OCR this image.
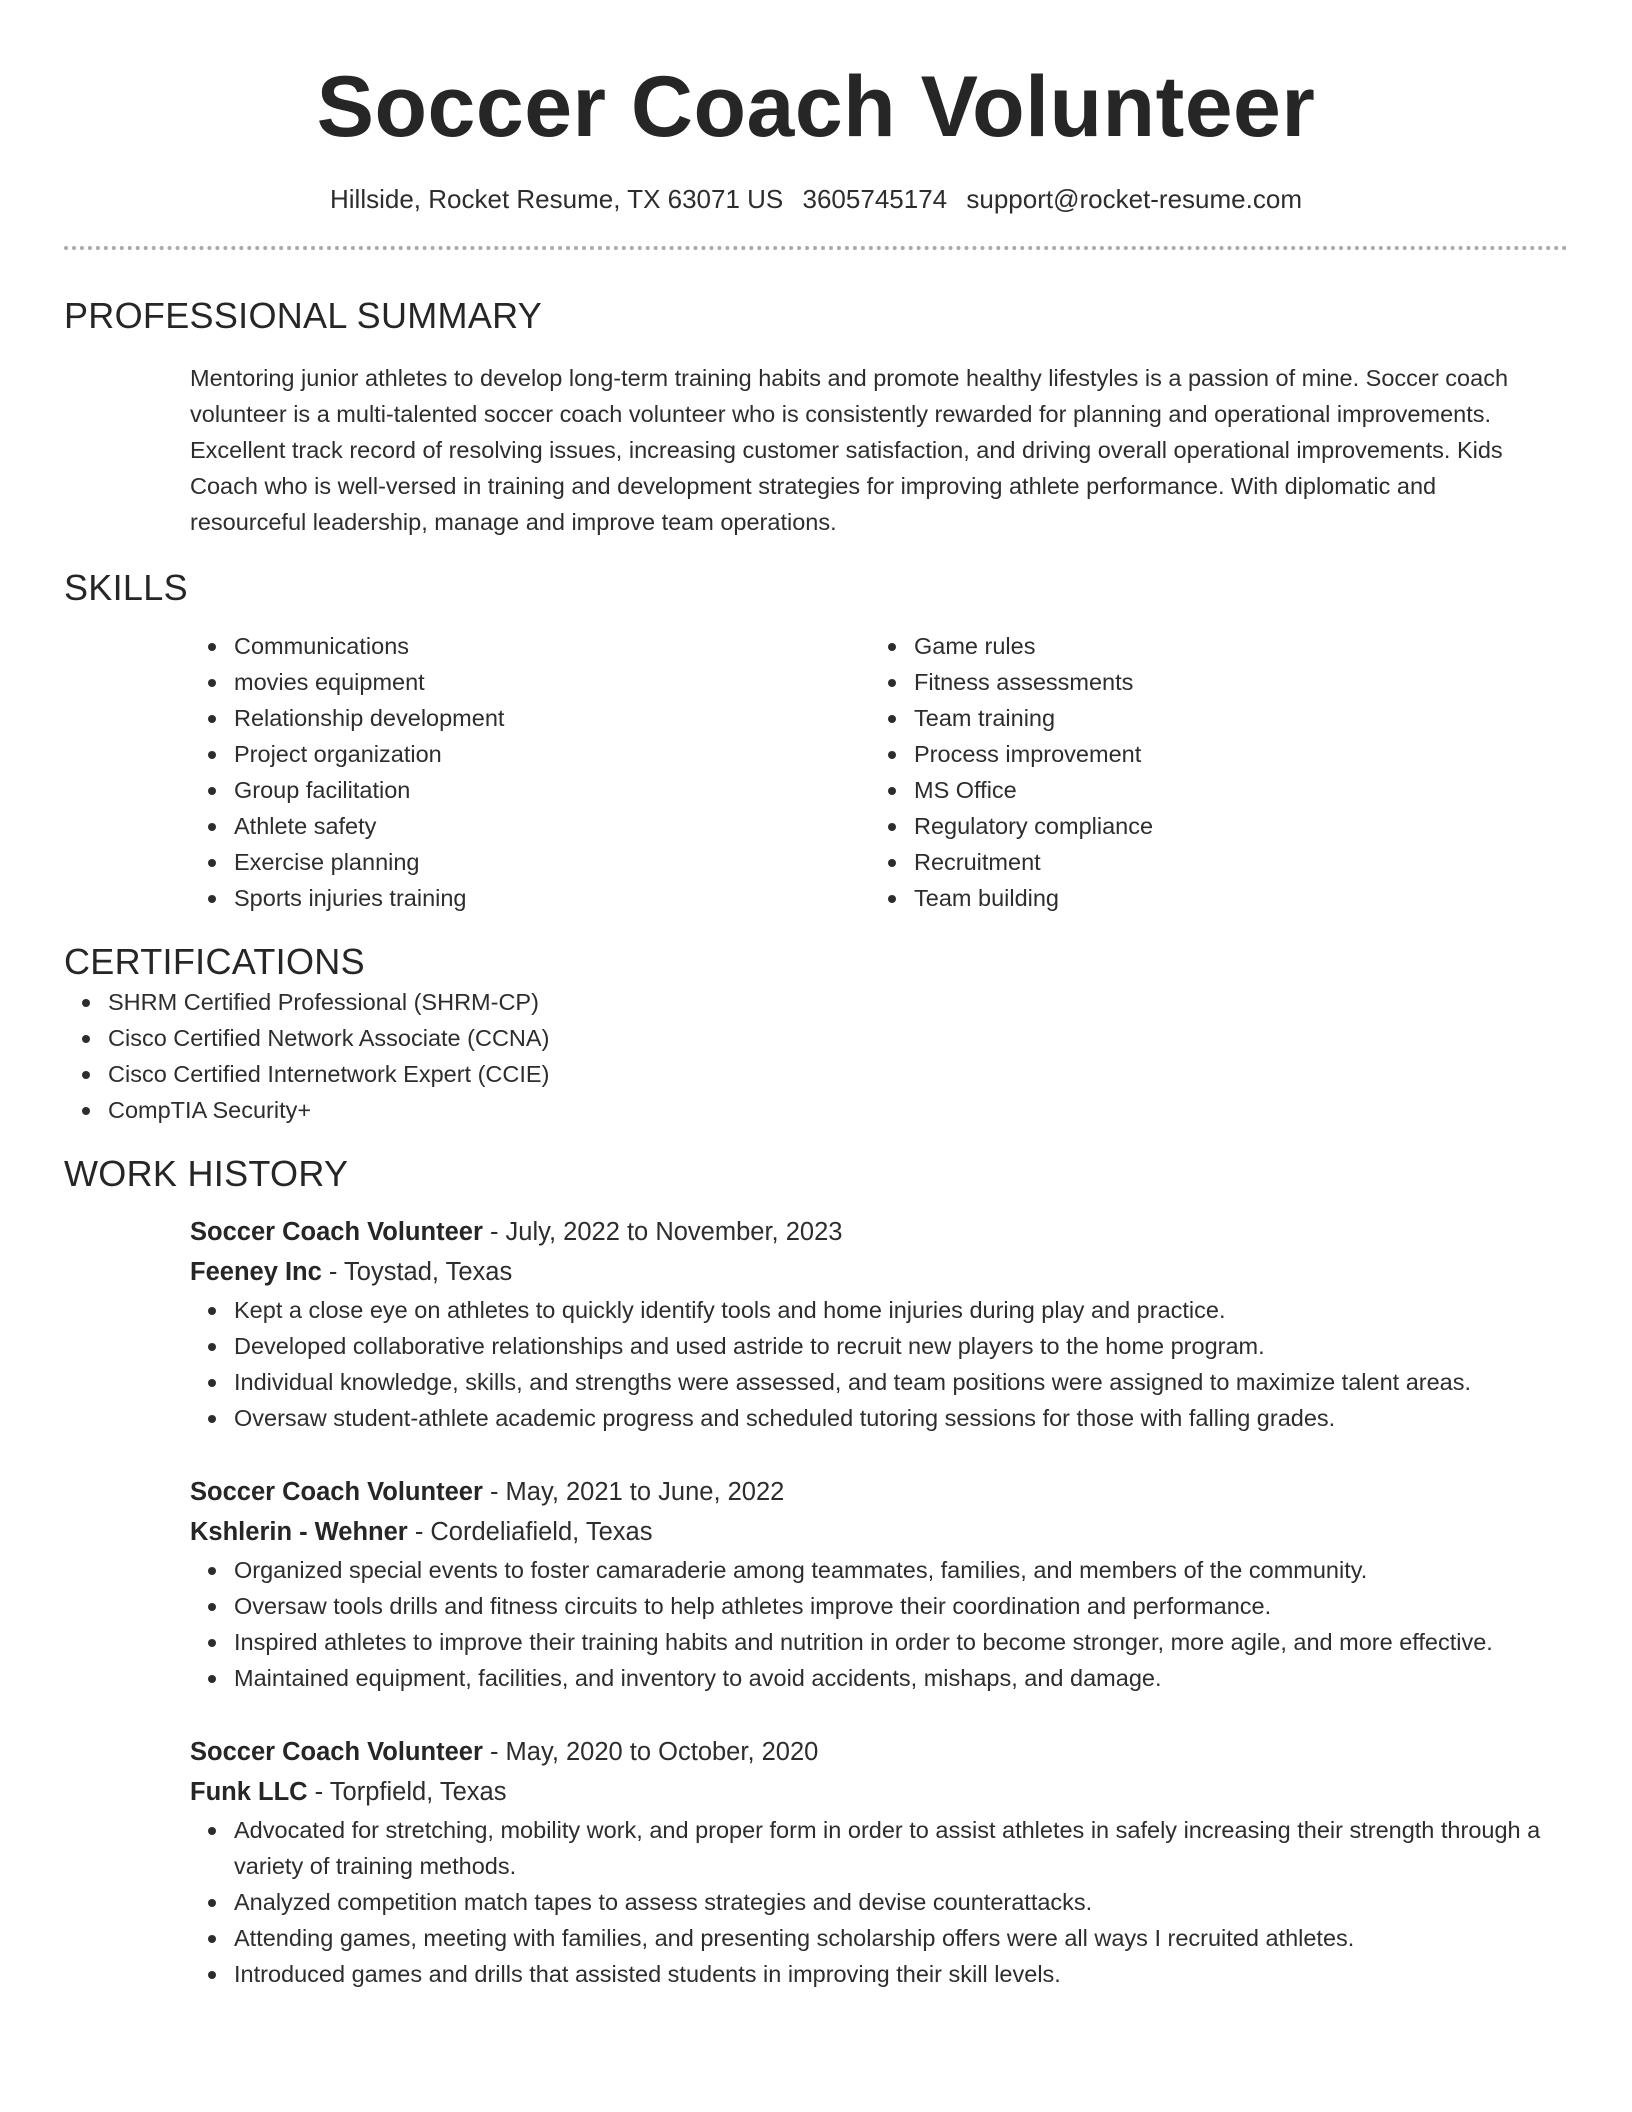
Soccer Coach Volunteer
Hillside, Rocket Resume, TX 63071 US 3605745174 support@rocket-resume.com
PROFESSIONAL SUMMARY

Mentoring junior athletes to develop long-term training habits and promote healthy lifestyles is a passion of mine. Soccer coach volunteer is a multi-talented soccer coach volunteer who is consistently rewarded for planning and operational improvements. Excellent track record of resolving issues, increasing customer satisfaction, and driving overall operational improvements. Kids Coach who is well-versed in training and development strategies for improving athlete performance. With diplomatic and resourceful leadership, manage and improve team operations.

SKILLS
Communications
movies equipment
Relationship development
Project organization
Group facilitation
Athlete safety
Exercise planning
Sports injuries training
Game rules
Fitness assessments
Team training
Process improvement
MS Office
Regulatory compliance
Recruitment
Team building
CERTIFICATIONS
SHRM Certified Professional (SHRM-CP)
Cisco Certified Network Associate (CCNA)
Cisco Certified Internetwork Expert (CCIE)
CompTIA Security+
WORK HISTORY
Soccer Coach Volunteer - July, 2022 to November, 2023
Feeney Inc - Toystad, Texas
Kept a close eye on athletes to quickly identify tools and home injuries during play and practice.
Developed collaborative relationships and used astride to recruit new players to the home program.
Individual knowledge, skills, and strengths were assessed, and team positions were assigned to maximize talent areas.
Oversaw student-athlete academic progress and scheduled tutoring sessions for those with falling grades.
Soccer Coach Volunteer - May, 2021 to June, 2022
Kshlerin - Wehner - Cordeliafield, Texas
Organized special events to foster camaraderie among teammates, families, and members of the community.
Oversaw tools drills and fitness circuits to help athletes improve their coordination and performance.
Inspired athletes to improve their training habits and nutrition in order to become stronger, more agile, and more effective.
Maintained equipment, facilities, and inventory to avoid accidents, mishaps, and damage.
Soccer Coach Volunteer - May, 2020 to October, 2020
Funk LLC - Torpfield, Texas
Advocated for stretching, mobility work, and proper form in order to assist athletes in safely increasing their strength through a variety of training methods.
Analyzed competition match tapes to assess strategies and devise counterattacks.
Attending games, meeting with families, and presenting scholarship offers were all ways I recruited athletes.
Introduced games and drills that assisted students in improving their skill levels.
